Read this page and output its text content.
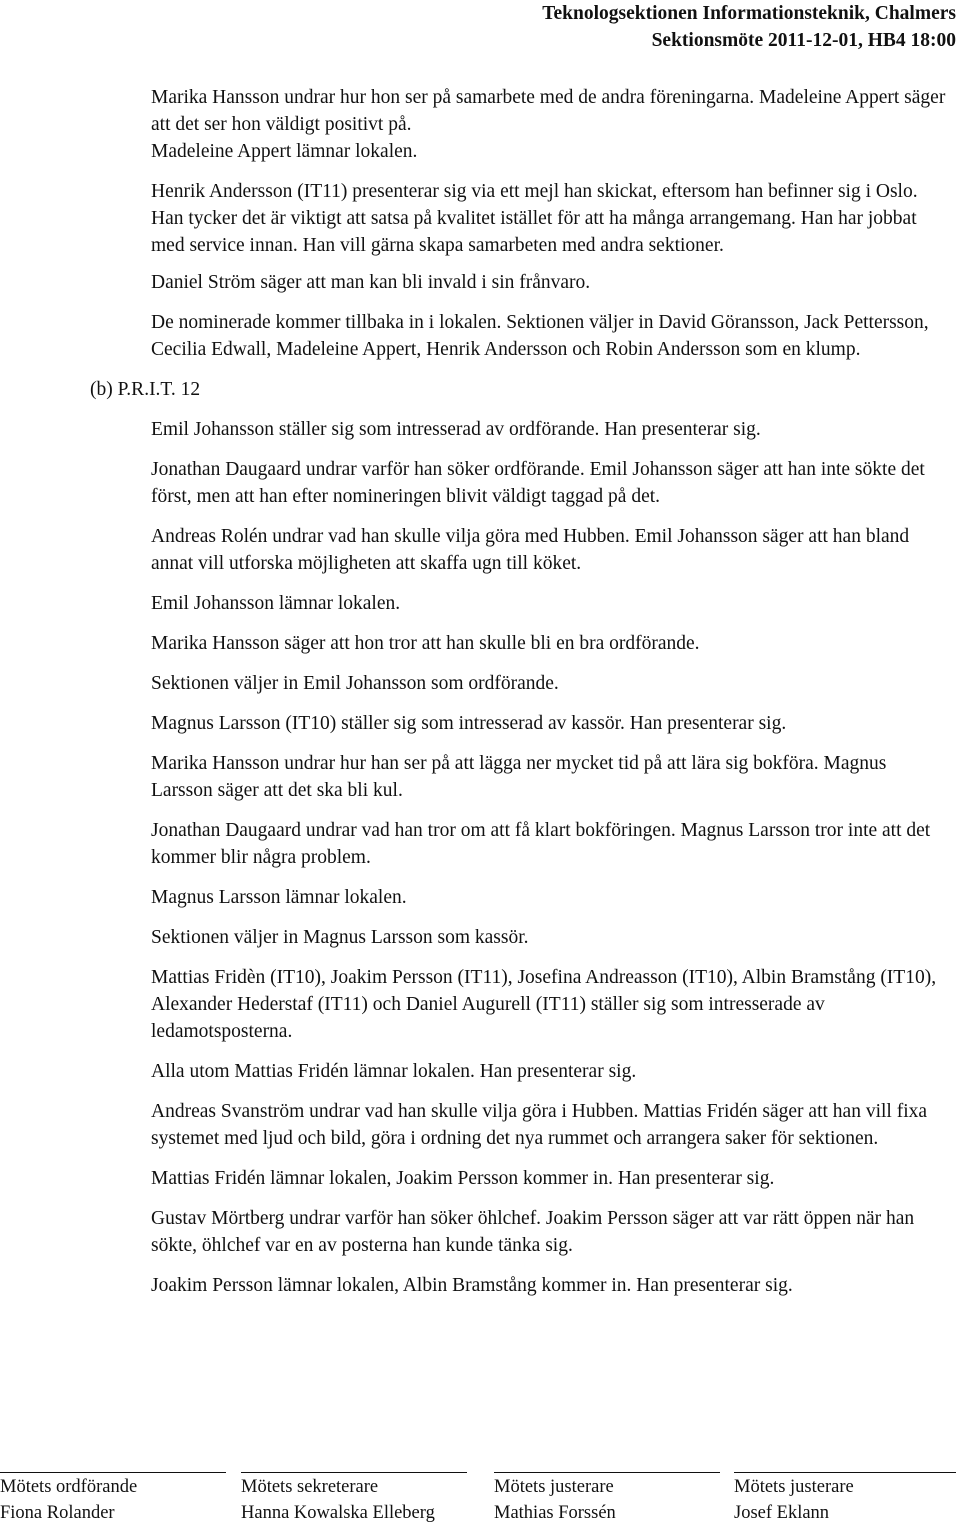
Teknologsektionen Informationsteknik, Chalmers
Sektionsmöte 2011-12-01, HB4 18:00

Marika Hansson undrar hur hon ser på samarbete med de andra föreningarna. Madeleine Appert säger att det ser hon väldigt positivt på.

Madeleine Appert lämnar lokalen.

Henrik Andersson (IT11) presenterar sig via ett mejl han skickat, eftersom han befinner sig i Oslo. Han tycker det är viktigt att satsa på kvalitet istället för att ha många arrangemang. Han har jobbat med service innan. Han vill gärna skapa samarbeten med andra sektioner.

Daniel Ström säger att man kan bli invald i sin frånvaro.

De nominerade kommer tillbaka in i lokalen. Sektionen väljer in David Göransson, Jack Pettersson, Cecilia Edwall, Madeleine Appert, Henrik Andersson och Robin Andersson som en klump.

(b) P.R.I.T. 12

Emil Johansson ställer sig som intresserad av ordförande. Han presenterar sig.

Jonathan Daugaard undrar varför han söker ordförande. Emil Johansson säger att han inte sökte det först, men att han efter nomineringen blivit väldigt taggad på det.

Andreas Rolén undrar vad han skulle vilja göra med Hubben. Emil Johansson säger att han bland annat vill utforska möjligheten att skaffa ugn till köket.

Emil Johansson lämnar lokalen.

Marika Hansson säger att hon tror att han skulle bli en bra ordförande.

Sektionen väljer in Emil Johansson som ordförande.

Magnus Larsson (IT10) ställer sig som intresserad av kassör. Han presenterar sig.

Marika Hansson undrar hur han ser på att lägga ner mycket tid på att lära sig bokföra. Magnus Larsson säger att det ska bli kul.

Jonathan Daugaard undrar vad han tror om att få klart bokföringen. Magnus Larsson tror inte att det kommer blir några problem.

Magnus Larsson lämnar lokalen.

Sektionen väljer in Magnus Larsson som kassör.

Mattias Fridèn (IT10), Joakim Persson (IT11), Josefina Andreasson (IT10), Albin Bramstång (IT10), Alexander Hederstaf (IT11) och Daniel Augurell (IT11) ställer sig som intresserade av ledamotsposterna.

Alla utom Mattias Fridén lämnar lokalen. Han presenterar sig.

Andreas Svanström undrar vad han skulle vilja göra i Hubben. Mattias Fridén säger att han vill fixa systemet med ljud och bild, göra i ordning det nya rummet och arrangera saker för sektionen.

Mattias Fridén lämnar lokalen, Joakim Persson kommer in. Han presenterar sig.

Gustav Mörtberg undrar varför han söker öhlchef. Joakim Persson säger att var rätt öppen när han sökte, öhlchef var en av posterna han kunde tänka sig.

Joakim Persson lämnar lokalen, Albin Bramstång kommer in. Han presenterar sig.

Mötets ordförande
Fiona Rolander
Mötets sekreterare
Hanna Kowalska Elleberg
Mötets justerare
Mathias Forssén
Mötets justerare
Josef Eklann
